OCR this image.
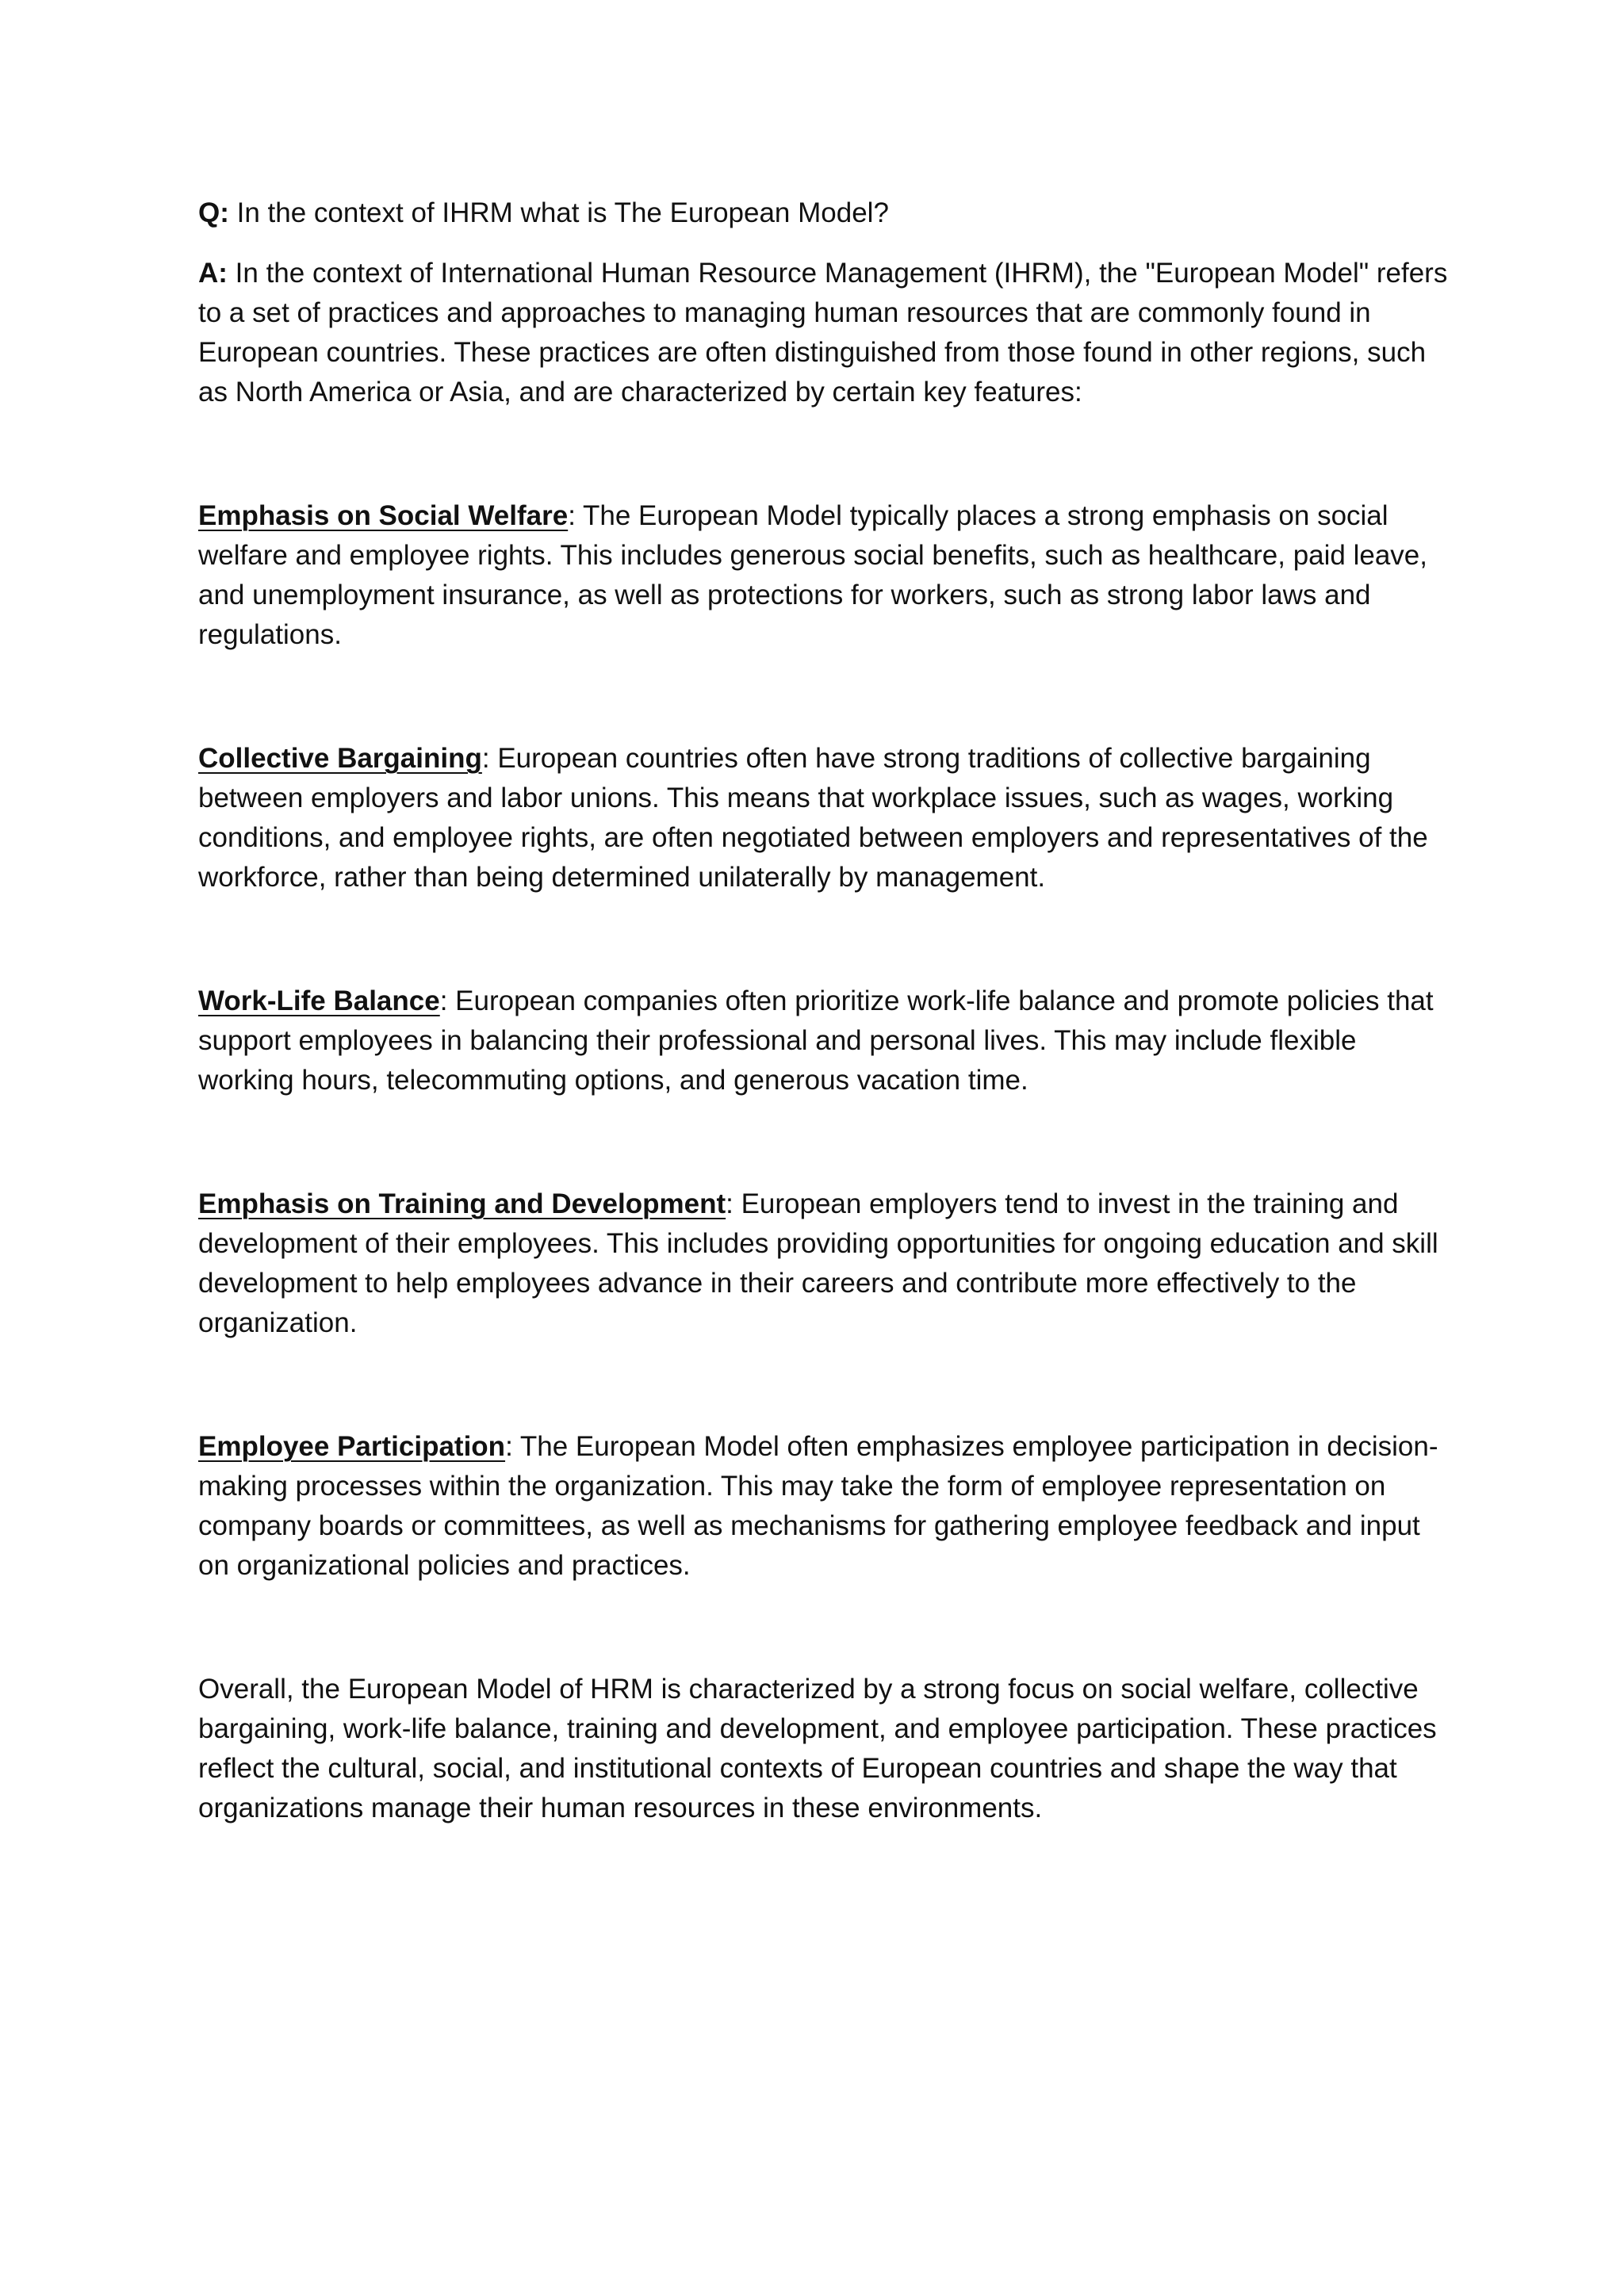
Q: In the context of IHRM what is The European Model?

A: In the context of International Human Resource Management (IHRM), the "European Model" refers to a set of practices and approaches to managing human resources that are commonly found in European countries. These practices are often distinguished from those found in other regions, such as North America or Asia, and are characterized by certain key features:

Emphasis on Social Welfare: The European Model typically places a strong emphasis on social welfare and employee rights. This includes generous social benefits, such as healthcare, paid leave, and unemployment insurance, as well as protections for workers, such as strong labor laws and regulations.

Collective Bargaining: European countries often have strong traditions of collective bargaining between employers and labor unions. This means that workplace issues, such as wages, working conditions, and employee rights, are often negotiated between employers and representatives of the workforce, rather than being determined unilaterally by management.

Work-Life Balance: European companies often prioritize work-life balance and promote policies that support employees in balancing their professional and personal lives. This may include flexible working hours, telecommuting options, and generous vacation time.

Emphasis on Training and Development: European employers tend to invest in the training and development of their employees. This includes providing opportunities for ongoing education and skill development to help employees advance in their careers and contribute more effectively to the organization.

Employee Participation: The European Model often emphasizes employee participation in decision-making processes within the organization. This may take the form of employee representation on company boards or committees, as well as mechanisms for gathering employee feedback and input on organizational policies and practices.

Overall, the European Model of HRM is characterized by a strong focus on social welfare, collective bargaining, work-life balance, training and development, and employee participation. These practices reflect the cultural, social, and institutional contexts of European countries and shape the way that organizations manage their human resources in these environments.
